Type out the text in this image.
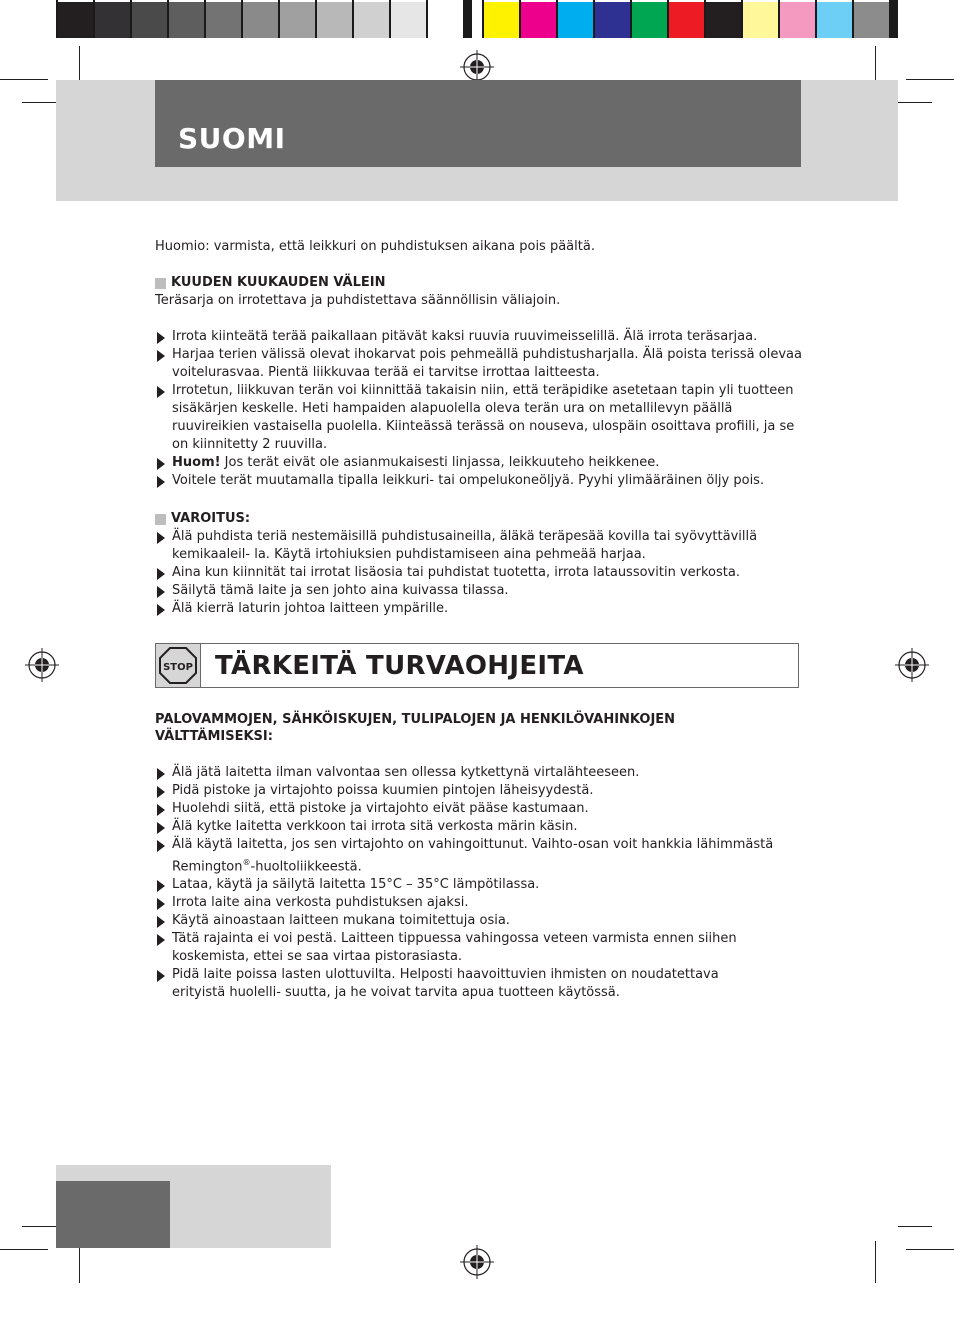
SUOMI
Huomio: varmista, että leikkuri on puhdistuksen aikana pois päältä.
KUUDEN KUUKAUDEN VÄLEIN
Teräsarja on irrotettava ja puhdistettava säännöllisin väliajoin.
Irrota kiinteätä terää paikallaan pitävät kaksi ruuvia ruuvimeisselillä. Älä irrota teräsarjaa.
Harjaa terien välissä olevat ihokarvat pois pehmeällä puhdistusharjalla. Älä poista terissä olevaa voitelurasvaa. Pientä liikkuvaa terää ei tarvitse irrottaa laitteesta.
Irrotetun, liikkuvan terän voi kiinnittää takaisin niin, että teräpidike asetetaan tapin yli tuotteen sisäkärjen keskelle. Heti hampaiden alapuolella oleva terän ura on metallilevyn päällä ruuvireikien vastaisella puolella. Kiinteässä terässä on nouseva, ulospäin osoittava profiili, ja se on kiinnitetty 2 ruuvilla.
Huom! Jos terät eivät ole asianmukaisesti linjassa, leikkuuteho heikkenee.
Voitele terät muutamalla tipalla leikkuri- tai ompelukoneöljyä. Pyyhi ylimääräinen öljy pois.
VAROITUS:
Älä puhdista teriä nestemäisillä puhdistusaineilla, äläkä teräpesää kovilla tai syövyttävillä kemikaaleil- la. Käytä irtohiuksien puhdistamiseen aina pehmeää harjaa.
Aina kun kiinnität tai irrotat lisäosia tai puhdistat tuotetta, irrota lataussovitin verkosta.
Säilytä tämä laite ja sen johto aina kuivassa tilassa.
Älä kierrä laturin johtoa laitteen ympärille.
STOP TÄRKEITÄ TURVAOHJEITA
PALOVAMMOJEN, SÄHKÖISKUJEN, TULIPALOJEN JA HENKILÖVAHINKOJEN VÄLTTÄMISEKSI:
Älä jätä laitetta ilman valvontaa sen ollessa kytkettynä virtalähteeseen.
Pidä pistoke ja virtajohto poissa kuumien pintojen läheisyydestä.
Huolehdi siitä, että pistoke ja virtajohto eivät pääse kastumaan.
Älä kytke laitetta verkkoon tai irrota sitä verkosta märin käsin.
Älä käytä laitetta, jos sen virtajohto on vahingoittunut. Vaihto-osan voit hankkia lähimmästä Remington®-huoltoliikkeestä.
Lataa, käytä ja säilytä laitetta 15°C – 35°C lämpötilassa.
Irrota laite aina verkosta puhdistuksen ajaksi.
Käytä ainoastaan laitteen mukana toimitettuja osia.
Tätä rajainta ei voi pestä. Laitteen tippuessa vahingossa veteen varmista ennen siihen koskemista, ettei se saa virtaa pistorasiasta.
Pidä laite poissa lasten ulottuvilta. Helposti haavoittuvien ihmisten on noudatettava erityistä huolelli- suutta, ja he voivat tarvita apua tuotteen käytössä.
